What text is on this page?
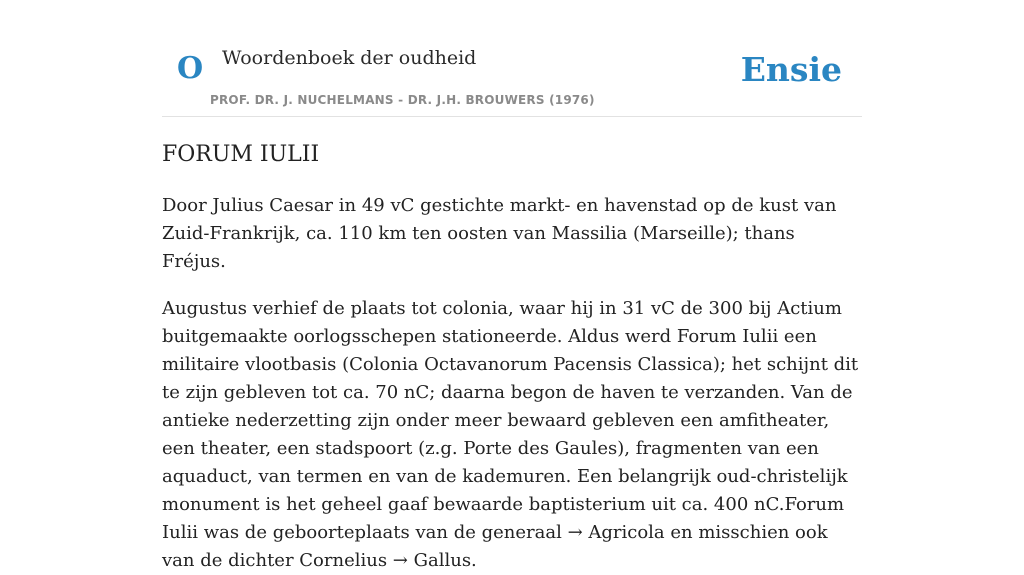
O Woordenboek der oudheid	Ensie
PROF. DR. J. NUCHELMANS - DR. J.H. BROUWERS (1976)
FORUM IULII

Door Julius Caesar in 49 vC gestichte markt- en havenstad op de kust van Zuid-Frankrijk, ca. 110 km ten oosten van Massilia (Marseille); thans Fréjus.

Augustus verhief de plaats tot colonia, waar hij in 31 vC de 300 bij Actium buitgemaakte oorlogsschepen stationeerde. Aldus werd Forum Iulii een militaire vlootbasis (Colonia Octavanorum Pacensis Classica); het schijnt dit te zijn gebleven tot ca. 70 nC; daarna begon de haven te verzanden. Van de antieke nederzetting zijn onder meer bewaard gebleven een amfitheater, een theater, een stadspoort (z.g. Porte des Gaules), fragmenten van een aquaduct, van termen en van de kademuren. Een belangrijk oud-christelijk monument is het geheel gaaf bewaarde baptisterium uit ca. 400 nC.Forum Iulii was de geboorteplaats van de generaal → Agricola en misschien ook van de dichter Cornelius → Gallus.
